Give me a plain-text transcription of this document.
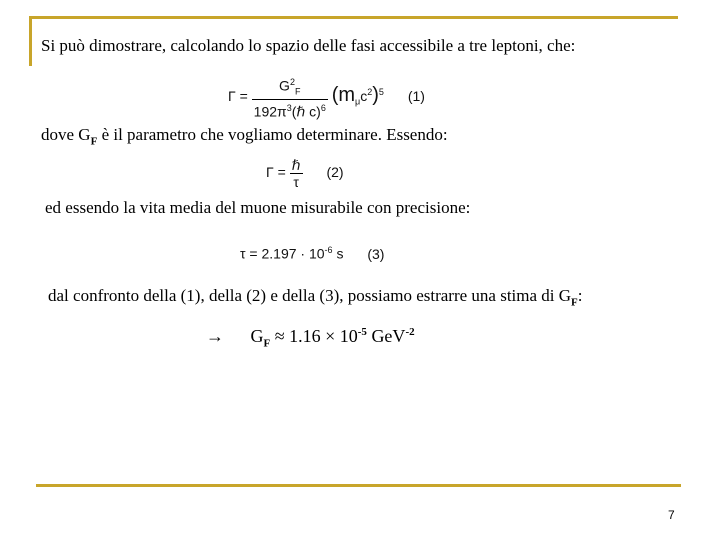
Si può dimostrare, calcolando lo spazio delle fasi accessibile a tre leptoni, che:
$\Gamma = \frac{G^2_F}{192\pi^3(\hbar c)^6} (m_\mu c^2)^5$ (1)
dove $G_F$ è il parametro che vogliamo determinare. Essendo:
$\Gamma = \frac{\text{ℏ}}{\tau} (2)$
ed essendo la vita media del muone misurabile con precisione:
$\tau = 2.197 \cdot 10^{-6}$ s (3)
dal confronto della (1), della (2) e della (3), possiamo estrarre una stima di $G_F$:
→ $G_F \approx 1.16 \times 10^{-5}$ GeV$^{-2}$
7
